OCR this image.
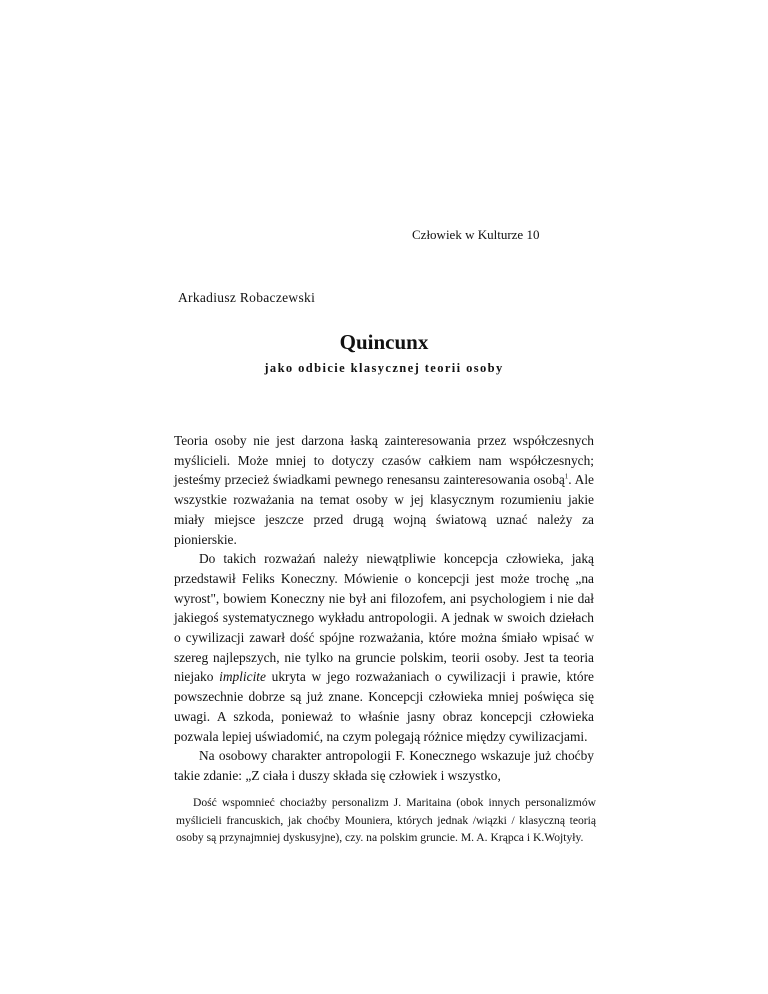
Człowiek w Kulturze 10
Arkadiusz Robaczewski
Quincunx
jako odbicie klasycznej teorii osoby

Teoria osoby nie jest darzona łaską zainteresowania przez współczesnych myślicieli. Może mniej to dotyczy czasów całkiem nam współczesnych; jesteśmy przecież świadkami pewnego renesansu zainteresowania osobą$^1$. Ale wszystkie rozważania na temat osoby w jej klasycznym rozumieniu jakie miały miejsce jeszcze przed drugą wojną światową uznać należy za pionierskie.

Do takich rozważań należy niewątpliwie koncepcja człowieka, jaką przedstawił Feliks Koneczny. Mówienie o koncepcji jest może trochę „na wyrost", bowiem Koneczny nie był ani filozofem, ani psychologiem i nie dał jakiegoś systematycznego wykładu antropologii. A jednak w swoich dziełach o cywilizacji zawarł dość spójne rozważania, które można śmiało wpisać w szereg najlepszych, nie tylko na gruncie polskim, teorii osoby. Jest ta teoria niejako implicite ukryta w jego rozważaniach o cywilizacji i prawie, które powszechnie dobrze są już znane. Koncepcji człowieka mniej poświęca się uwagi. A szkoda, ponieważ to właśnie jasny obraz koncepcji człowieka pozwala lepiej uświadomić, na czym polegają różnice między cywilizacjami.

Na osobowy charakter antropologii F. Konecznego wskazuje już choćby takie zdanie: „Z ciała i duszy składa się człowiek i wszystko,

Dość wspomnieć chociażby personalizm J. Maritaina (obok innych personalizmów myślicieli francuskich, jak choćby Mouniera, których jednak /wiązki / klasyczną teorią osoby są przynajmniej dyskusyjne), czy. na polskim gruncie. M. A. Krąpca i K.Wojtyły.
